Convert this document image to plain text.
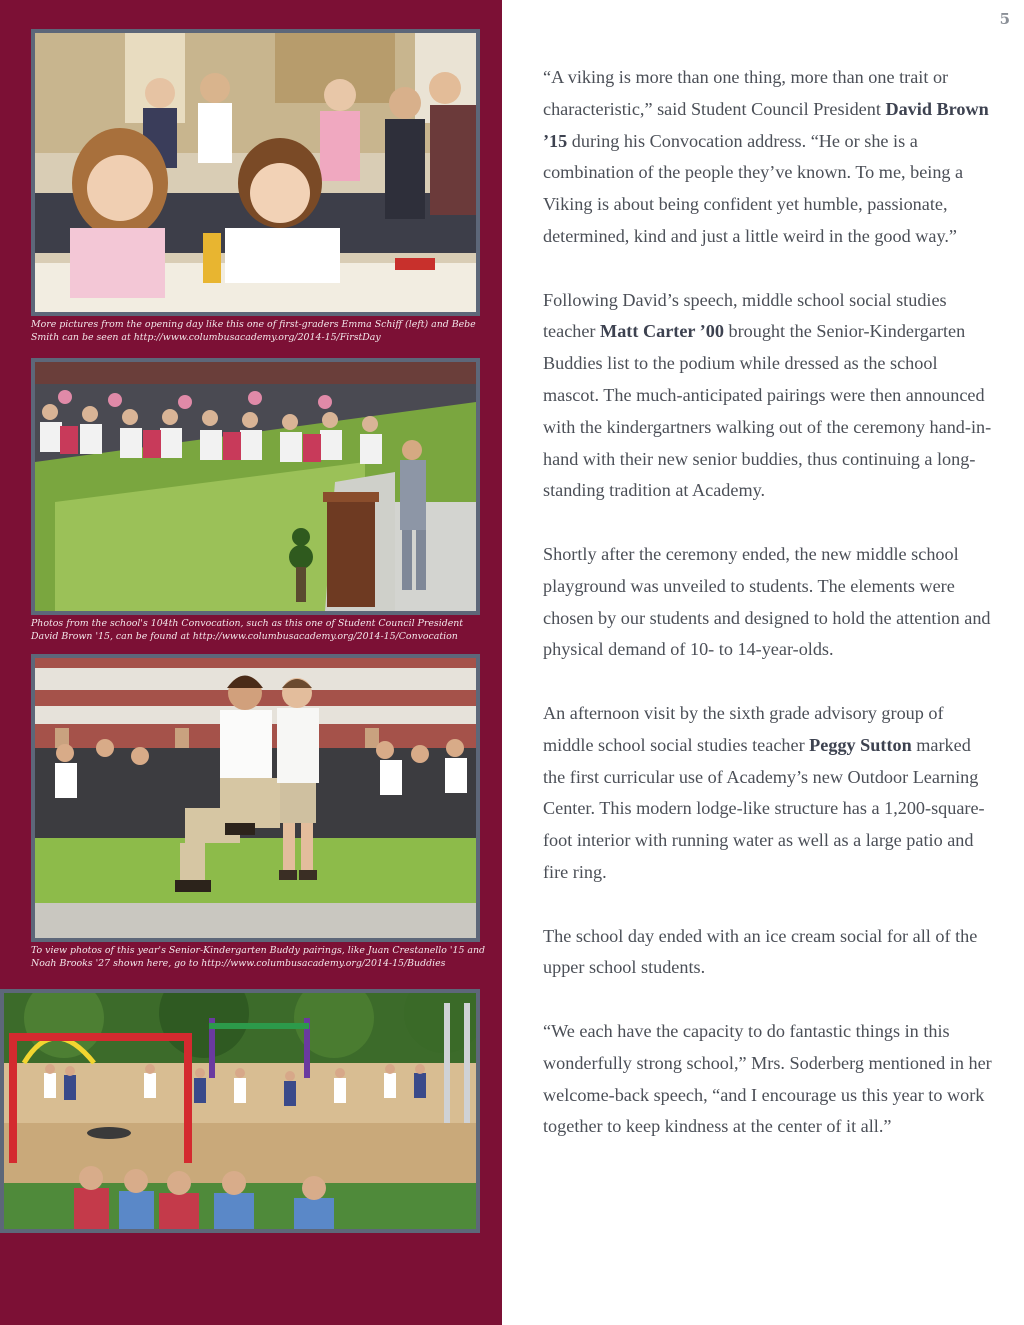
More pictures from the opening day like this one of first-graders Emma Schiff (left) and Bebe Smith can be seen at http://www.columbusacademy.org/2014-15/FirstDay
Photos from the school's 104th Convocation, such as this one of Student Council President David Brown '15, can be found at http://www.columbusacademy.org/2014-15/Convocation
To view photos of this year's Senior-Kindergarten Buddy pairings, like Juan Crestanello '15 and Noah Brooks '27 shown here, go to http://www.columbusacademy.org/2014-15/Buddies
5

“A viking is more than one thing, more than one trait or characteristic,” said Student Council President David Brown ’15 during his Convocation address. “He or she is a combination of the people they’ve known. To me, being a Viking is about being confident yet humble, passionate, determined, kind and just a little weird in the good way.”

Following David’s speech, middle school social studies teacher Matt Carter ’00 brought the Senior-Kindergarten Buddies list to the podium while dressed as the school mascot. The much-anticipated pairings were then announced with the kindergartners walking out of the ceremony hand-in-hand with their new senior buddies, thus continuing a long-standing tradition at Academy.

Shortly after the ceremony ended, the new middle school playground was unveiled to students. The elements were chosen by our students and designed to hold the attention and physical demand of 10- to 14-year-olds.

An afternoon visit by the sixth grade advisory group of middle school social studies teacher Peggy Sutton marked the first curricular use of Academy’s new Outdoor Learning Center. This modern lodge-like structure has a 1,200-square-foot interior with running water as well as a large patio and fire ring.

The school day ended with an ice cream social for all of the upper school students.

“We each have the capacity to do fantastic things in this wonderfully strong school,” Mrs. Soderberg mentioned in her welcome-back speech, “and I encourage us this year to work together to keep kindness at the center of it all.”
